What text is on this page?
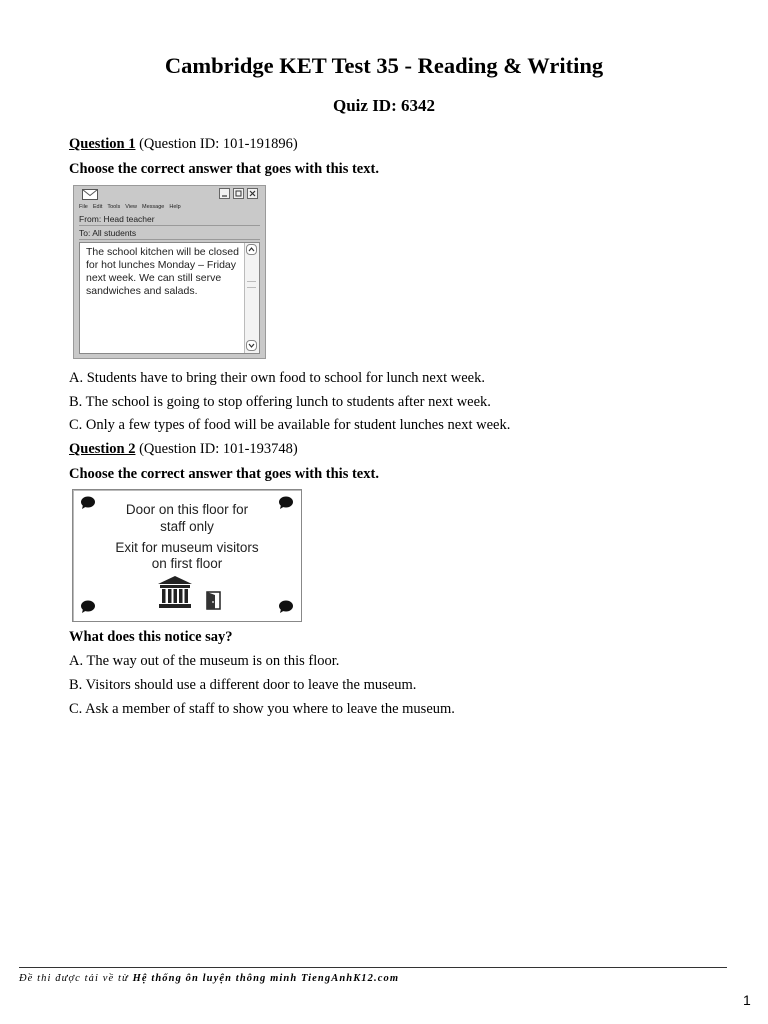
Cambridge KET Test 35 - Reading & Writing
Quiz ID: 6342
Question 1 (Question ID: 101-191896)
Choose the correct answer that goes with this text.
File Edit Tools View Message Help
From: Head teacher
To: All students
The school kitchen will be closed for hot lunches Monday – Friday next week. We can still serve sandwiches and salads.
A. Students have to bring their own food to school for lunch next week.
B. The school is going to stop offering lunch to students after next week.
C. Only a few types of food will be available for student lunches next week.
Question 2 (Question ID: 101-193748)
Choose the correct answer that goes with this text.
Door on this floor for
staff only
Exit for museum visitors
on first floor
What does this notice say?
A. The way out of the museum is on this floor.
B. Visitors should use a different door to leave the museum.
C. Ask a member of staff to show you where to leave the museum.
Đề thi được tải về từ Hệ thống ôn luyện thông minh TiengAnhK12.com
1
